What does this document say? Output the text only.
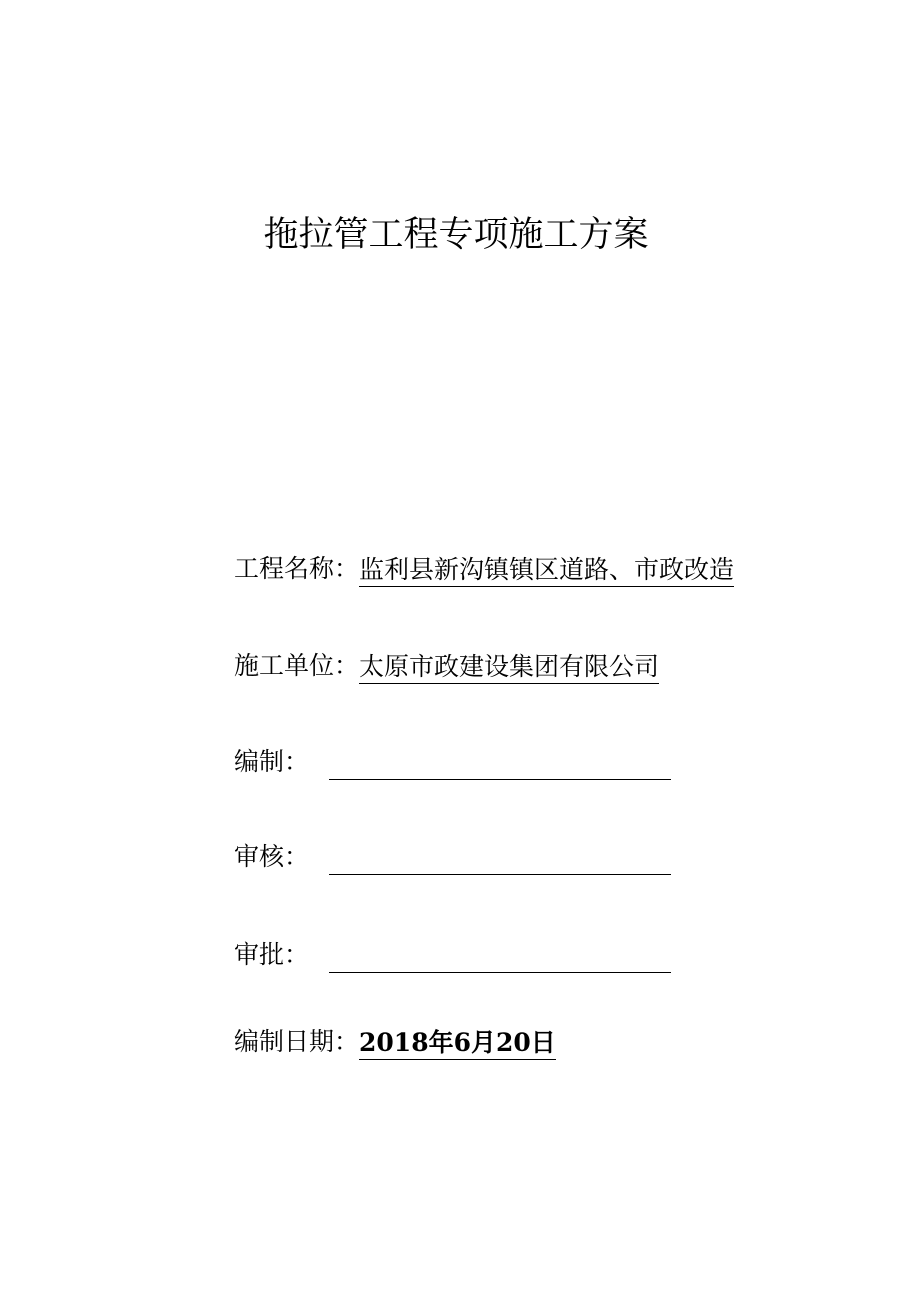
拖拉管工程专项施工方案
工程名称： 监利县新沟镇镇区道路、市政改造
施工单位： 太原市政建设集团有限公司
编制：
审核：
审批：
编制日期： 2018年6月20日
